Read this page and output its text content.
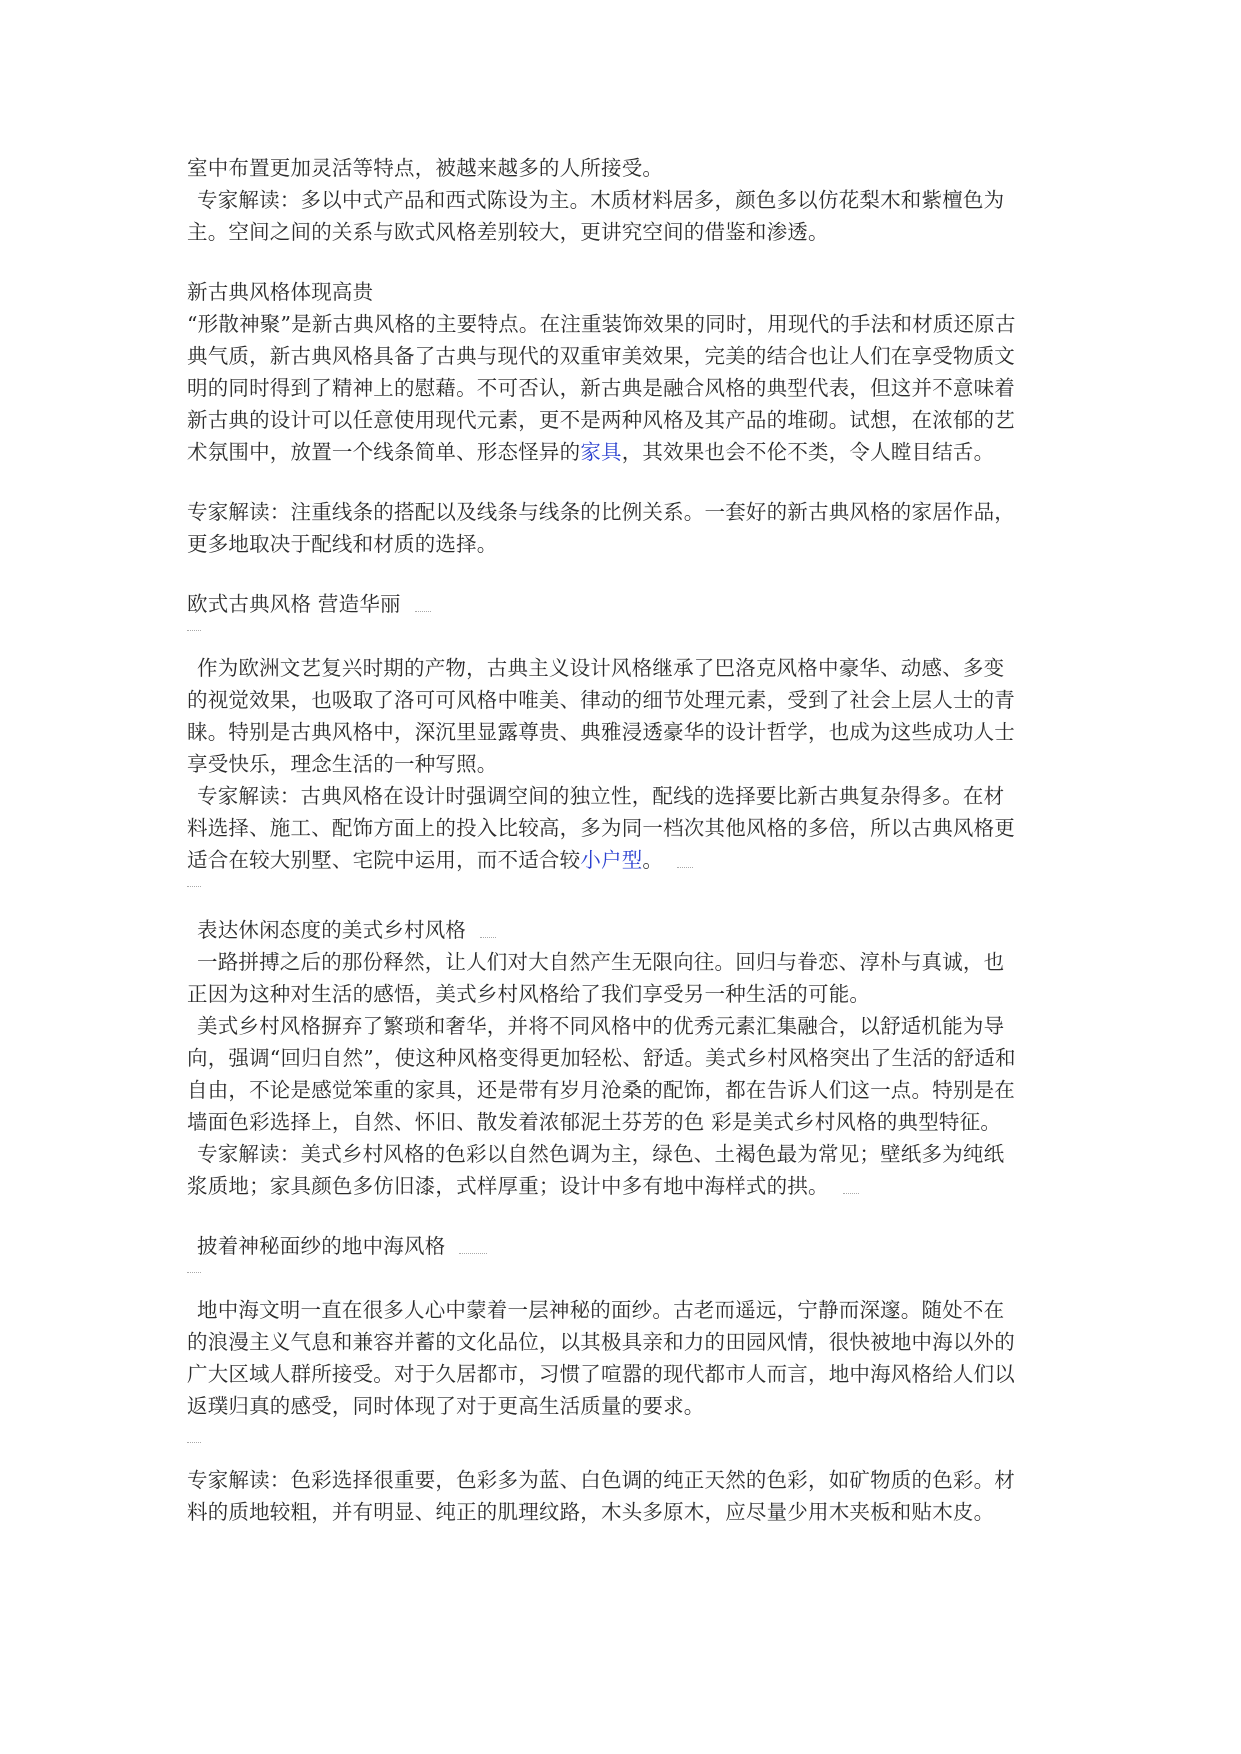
室中布置更加灵活等特点，被越来越多的人所接受。
专家解读：多以中式产品和西式陈设为主。木质材料居多，颜色多以仿花梨木和紫檀色为
主。空间之间的关系与欧式风格差别较大，更讲究空间的借鉴和渗透。
新古典风格体现高贵
“形散神聚”是新古典风格的主要特点。在注重装饰效果的同时，用现代的手法和材质还原古
典气质，新古典风格具备了古典与现代的双重审美效果，完美的结合也让人们在享受物质文
明的同时得到了精神上的慰藉。不可否认，新古典是融合风格的典型代表，但这并不意味着
新古典的设计可以任意使用现代元素，更不是两种风格及其产品的堆砌。试想，在浓郁的艺
术氛围中，放置一个线条简单、形态怪异的家具，其效果也会不伦不类，令人瞠目结舌。
专家解读：注重线条的搭配以及线条与线条的比例关系。一套好的新古典风格的家居作品，
更多地取决于配线和材质的选择。
欧式古典风格 营造华丽
作为欧洲文艺复兴时期的产物，古典主义设计风格继承了巴洛克风格中豪华、动感、多变
的视觉效果，也吸取了洛可可风格中唯美、律动的细节处理元素，受到了社会上层人士的青
睐。特别是古典风格中，深沉里显露尊贵、典雅浸透豪华的设计哲学，也成为这些成功人士
享受快乐，理念生活的一种写照。
专家解读：古典风格在设计时强调空间的独立性，配线的选择要比新古典复杂得多。在材
料选择、施工、配饰方面上的投入比较高，多为同一档次其他风格的多倍，所以古典风格更
适合在较大别墅、宅院中运用，而不适合较小户型。
表达休闲态度的美式乡村风格
一路拼搏之后的那份释然，让人们对大自然产生无限向往。回归与眷恋、淳朴与真诚，也
正因为这种对生活的感悟，美式乡村风格给了我们享受另一种生活的可能。
美式乡村风格摒弃了繁琐和奢华，并将不同风格中的优秀元素汇集融合，以舒适机能为导
向，强调“回归自然”，使这种风格变得更加轻松、舒适。美式乡村风格突出了生活的舒适和
自由，不论是感觉笨重的家具，还是带有岁月沧桑的配饰，都在告诉人们这一点。特别是在
墙面色彩选择上，自然、怀旧、散发着浓郁泥土芬芳的色 彩是美式乡村风格的典型特征。
专家解读：美式乡村风格的色彩以自然色调为主，绿色、土褐色最为常见；壁纸多为纯纸
浆质地；家具颜色多仿旧漆，式样厚重；设计中多有地中海样式的拱。
披着神秘面纱的地中海风格
地中海文明一直在很多人心中蒙着一层神秘的面纱。古老而遥远，宁静而深邃。随处不在
的浪漫主义气息和兼容并蓄的文化品位，以其极具亲和力的田园风情，很快被地中海以外的
广大区域人群所接受。对于久居都市，习惯了喧嚣的现代都市人而言，地中海风格给人们以
返璞归真的感受，同时体现了对于更高生活质量的要求。
专家解读：色彩选择很重要，色彩多为蓝、白色调的纯正天然的色彩，如矿物质的色彩。材
料的质地较粗，并有明显、纯正的肌理纹路，木头多原木，应尽量少用木夹板和贴木皮。
